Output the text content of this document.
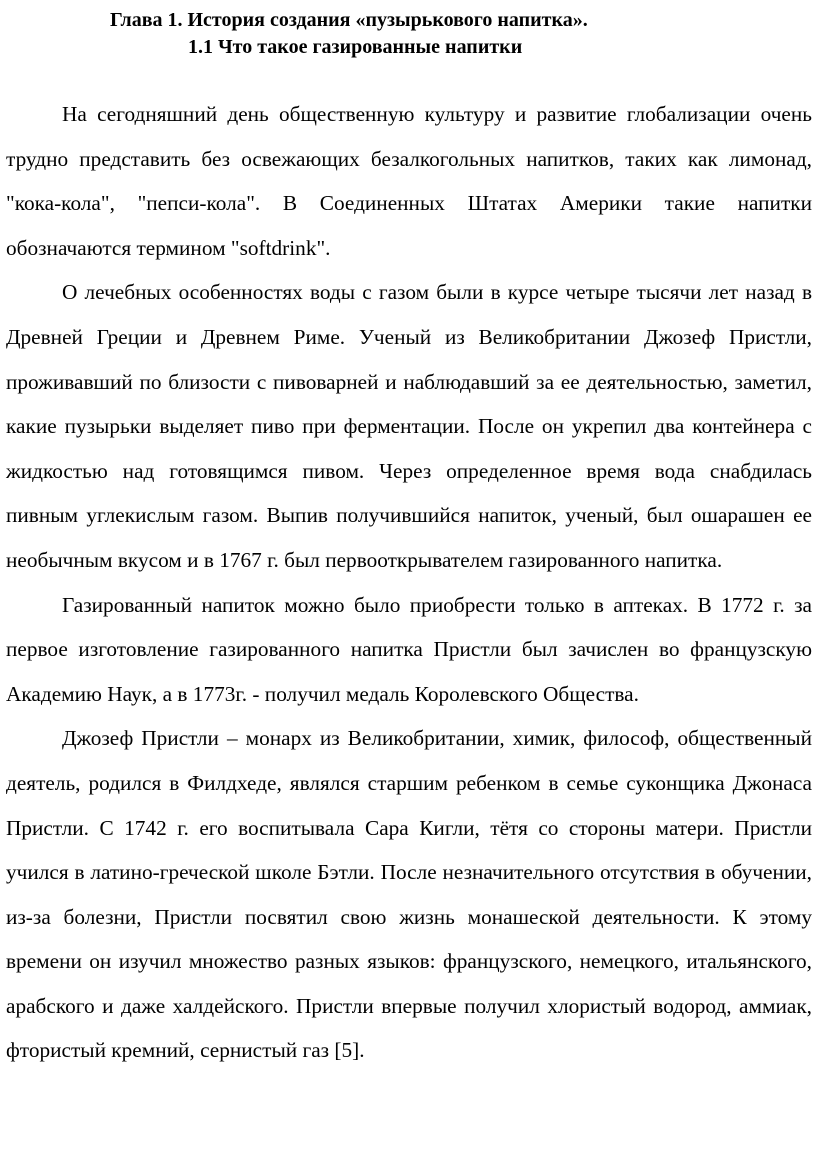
Глава 1. История создания «пузырькового напитка».
1.1 Что такое газированные напитки

На сегодняшний день общественную культуру и развитие глобализации очень трудно представить без освежающих безалкогольных напитков, таких как лимонад, "кока-кола", "пепси-кола". В Соединенных Штатах Америки такие напитки обозначаются термином "softdrink".

О лечебных особенностях воды с газом были в курсе четыре тысячи лет назад в Древней Греции и Древнем Риме. Ученый из Великобритании Джозеф Пристли, проживавший по близости с пивоварней и наблюдавший за ее деятельностью, заметил, какие пузырьки выделяет пиво при ферментации. После он укрепил два контейнера с жидкостью над готовящимся пивом. Через определенное время вода снабдилась пивным углекислым газом. Выпив получившийся напиток, ученый, был ошарашен ее необычным вкусом и в 1767 г. был первооткрывателем газированного напитка.

Газированный напиток можно было приобрести только в аптеках. В 1772 г. за первое изготовление газированного напитка Пристли был зачислен во французскую Академию Наук, а в 1773г. - получил медаль Королевского Общества.

Джозеф Пристли – монарх из Великобритании, химик, философ, общественный деятель, родился в Филдхеде, являлся старшим ребенком в семье суконщика Джонаса Пристли. С 1742 г. его воспитывала Сара Кигли, тётя со стороны матери. Пристли учился в латино-греческой школе Бэтли. После незначительного отсутствия в обучении, из-за болезни, Пристли посвятил свою жизнь монашеской деятельности. К этому времени он изучил множество разных языков: французского, немецкого, итальянского, арабского и даже халдейского. Пристли впервые получил хлористый водород, аммиак, фтористый кремний, сернистый газ [5].
